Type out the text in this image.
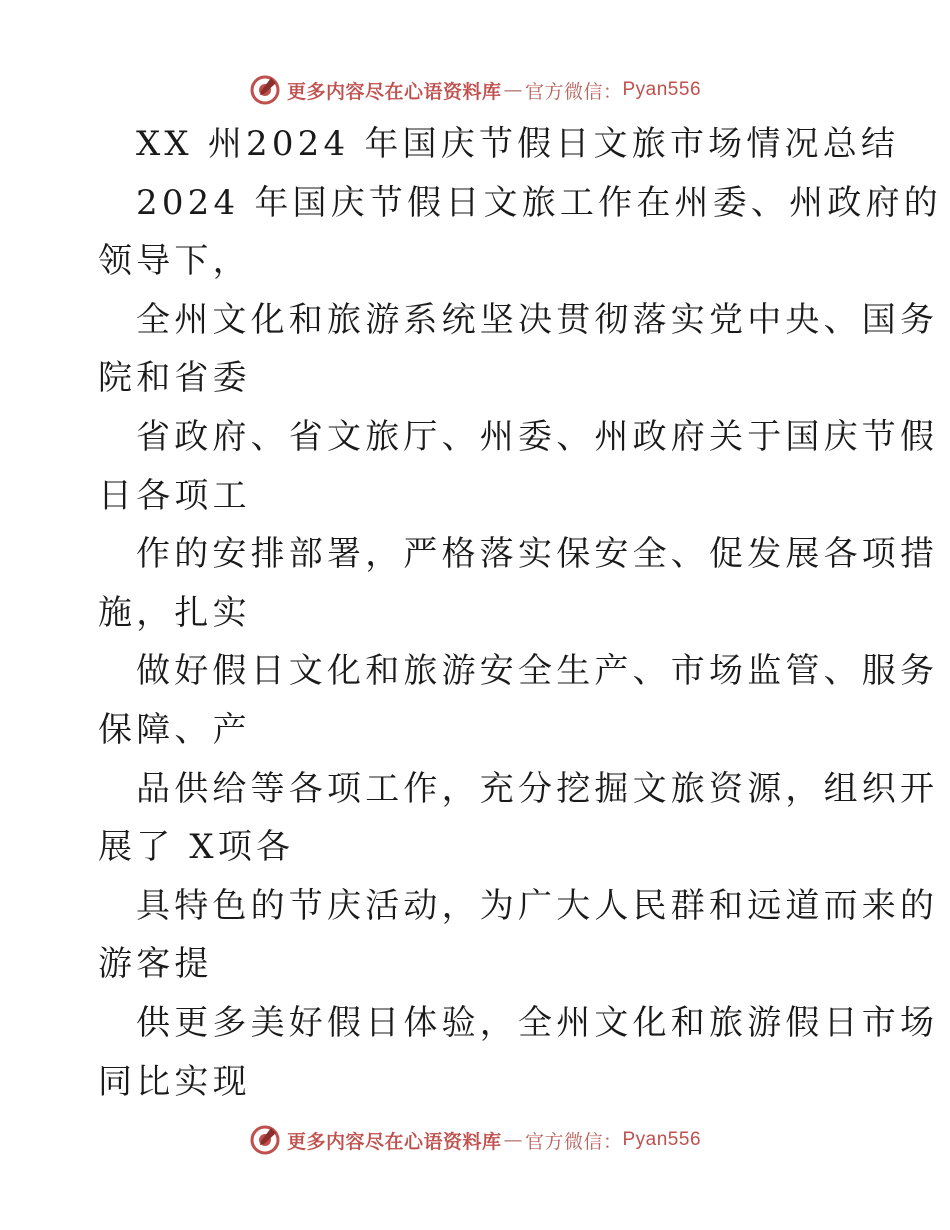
更多内容尽在心语资料库 — 官方微信： Pyan556
XX 州2024 年国庆节假日文旅市场情况总结
2024 年国庆节假日文旅工作在州委、州政府的
领导下，
全州文化和旅游系统坚决贯彻落实党中央、国务
院和省委
省政府、省文旅厅、州委、州政府关于国庆节假
日各项工
作的安排部署，严格落实保安全、促发展各项措
施，扎实
做好假日文化和旅游安全生产、市场监管、服务
保障、产
品供给等各项工作，充分挖掘文旅资源，组织开
展了 X项各
具特色的节庆活动，为广大人民群和远道而来的
游客提
供更多美好假日体验，全州文化和旅游假日市场
同比实现
更多内容尽在心语资料库 — 官方微信： Pyan556
